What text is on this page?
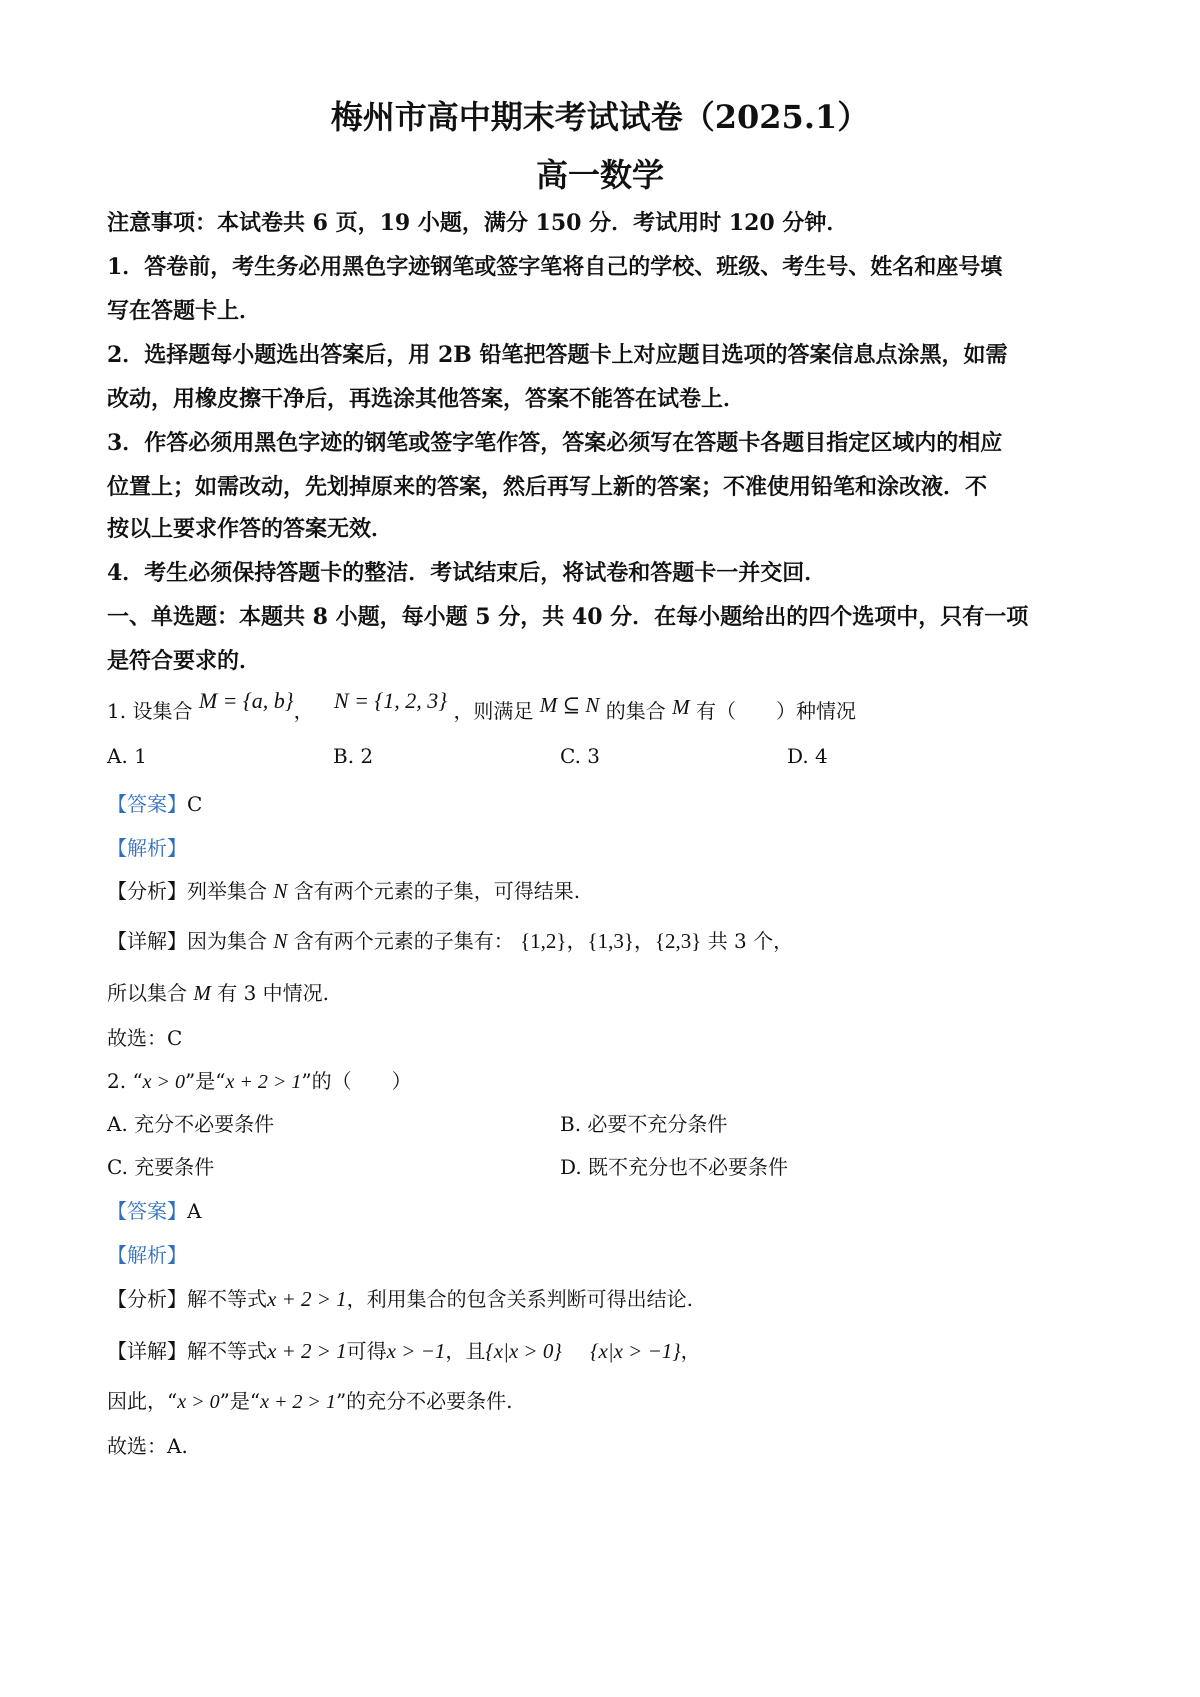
梅州市高中期末考试试卷（2025.1）
高一数学
注意事项：本试卷共 6 页，19 小题，满分 150 分．考试用时 120 分钟．
1．答卷前，考生务必用黑色字迹钢笔或签字笔将自己的学校、班级、考生号、姓名和座号填
写在答题卡上．
2．选择题每小题选出答案后，用 2B 铅笔把答题卡上对应题目选项的答案信息点涂黑，如需
改动，用橡皮擦干净后，再选涂其他答案，答案不能答在试卷上．
3．作答必须用黑色字迹的钢笔或签字笔作答，答案必须写在答题卡各题目指定区域内的相应
位置上；如需改动，先划掉原来的答案，然后再写上新的答案；不准使用铅笔和涂改液．不
按以上要求作答的答案无效．
4．考生必须保持答题卡的整洁．考试结束后，将试卷和答题卡一并交回．
一、单选题：本题共 8 小题，每小题 5 分，共 40 分．在每小题给出的四个选项中，只有一项
是符合要求的．
1. 设集合 M = {a, b}， N = {1, 2, 3} ，则满足 M ⊆ N 的集合 M 有（　　）种情况
A. 1	B. 2	C. 3	D. 4
【答案】C
【解析】
【分析】列举集合 N 含有两个元素的子集，可得结果.
【详解】因为集合 N 含有两个元素的子集有： {1,2}，{1,3}，{2,3} 共 3 个，
所以集合 M 有 3 中情况.
故选：C
2. “x > 0”是“x + 2 > 1”的（　　）
A. 充分不必要条件	B. 必要不充分条件
C. 充要条件	D. 既不充分也不必要条件
【答案】A
【解析】
【分析】解不等式x + 2 > 1，利用集合的包含关系判断可得出结论.
【详解】解不等式x + 2 > 1可得x > −1，且{x|x > 0} {x|x > −1}，
因此，“x > 0”是“x + 2 > 1”的充分不必要条件.
故选：A.
